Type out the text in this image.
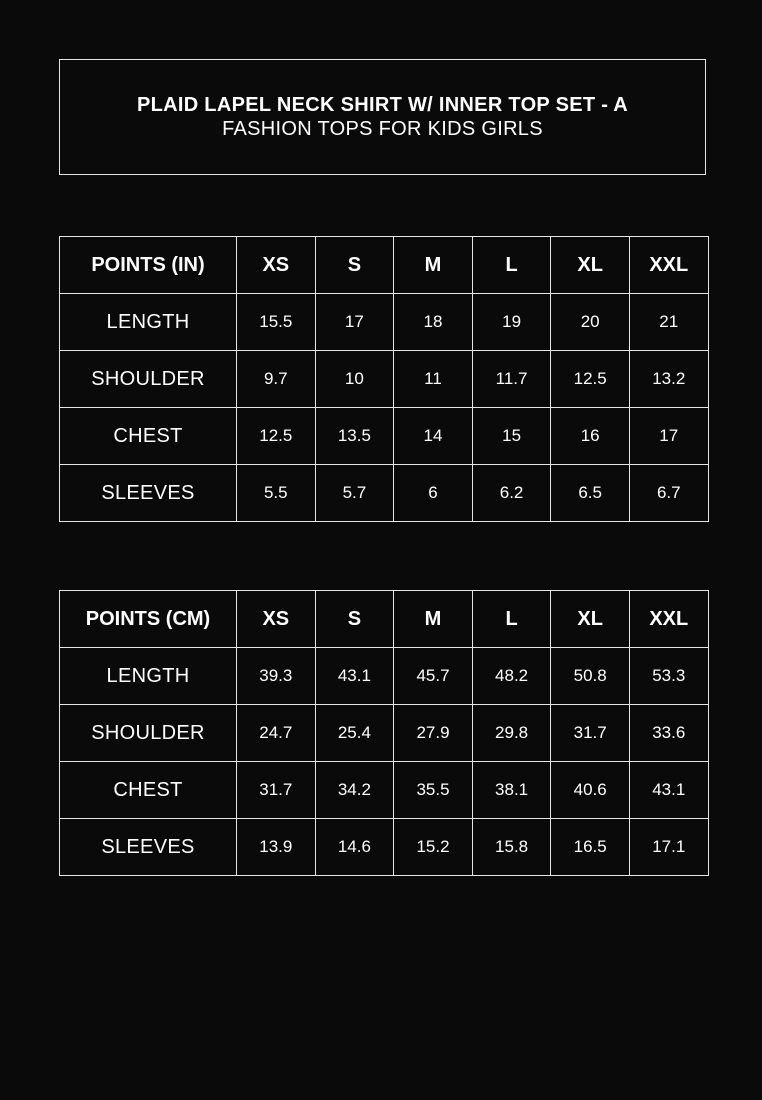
PLAID LAPEL NECK SHIRT W/ INNER TOP SET - A
FASHION TOPS FOR KIDS GIRLS
POINTS (IN)	XS	S	M	L	XL	XXL
LENGTH	15.5	17	18	19	20	21
SHOULDER	9.7	10	11	11.7	12.5	13.2
CHEST	12.5	13.5	14	15	16	17
SLEEVES	5.5	5.7	6	6.2	6.5	6.7
POINTS (CM)	XS	S	M	L	XL	XXL
LENGTH	39.3	43.1	45.7	48.2	50.8	53.3
SHOULDER	24.7	25.4	27.9	29.8	31.7	33.6
CHEST	31.7	34.2	35.5	38.1	40.6	43.1
SLEEVES	13.9	14.6	15.2	15.8	16.5	17.1
